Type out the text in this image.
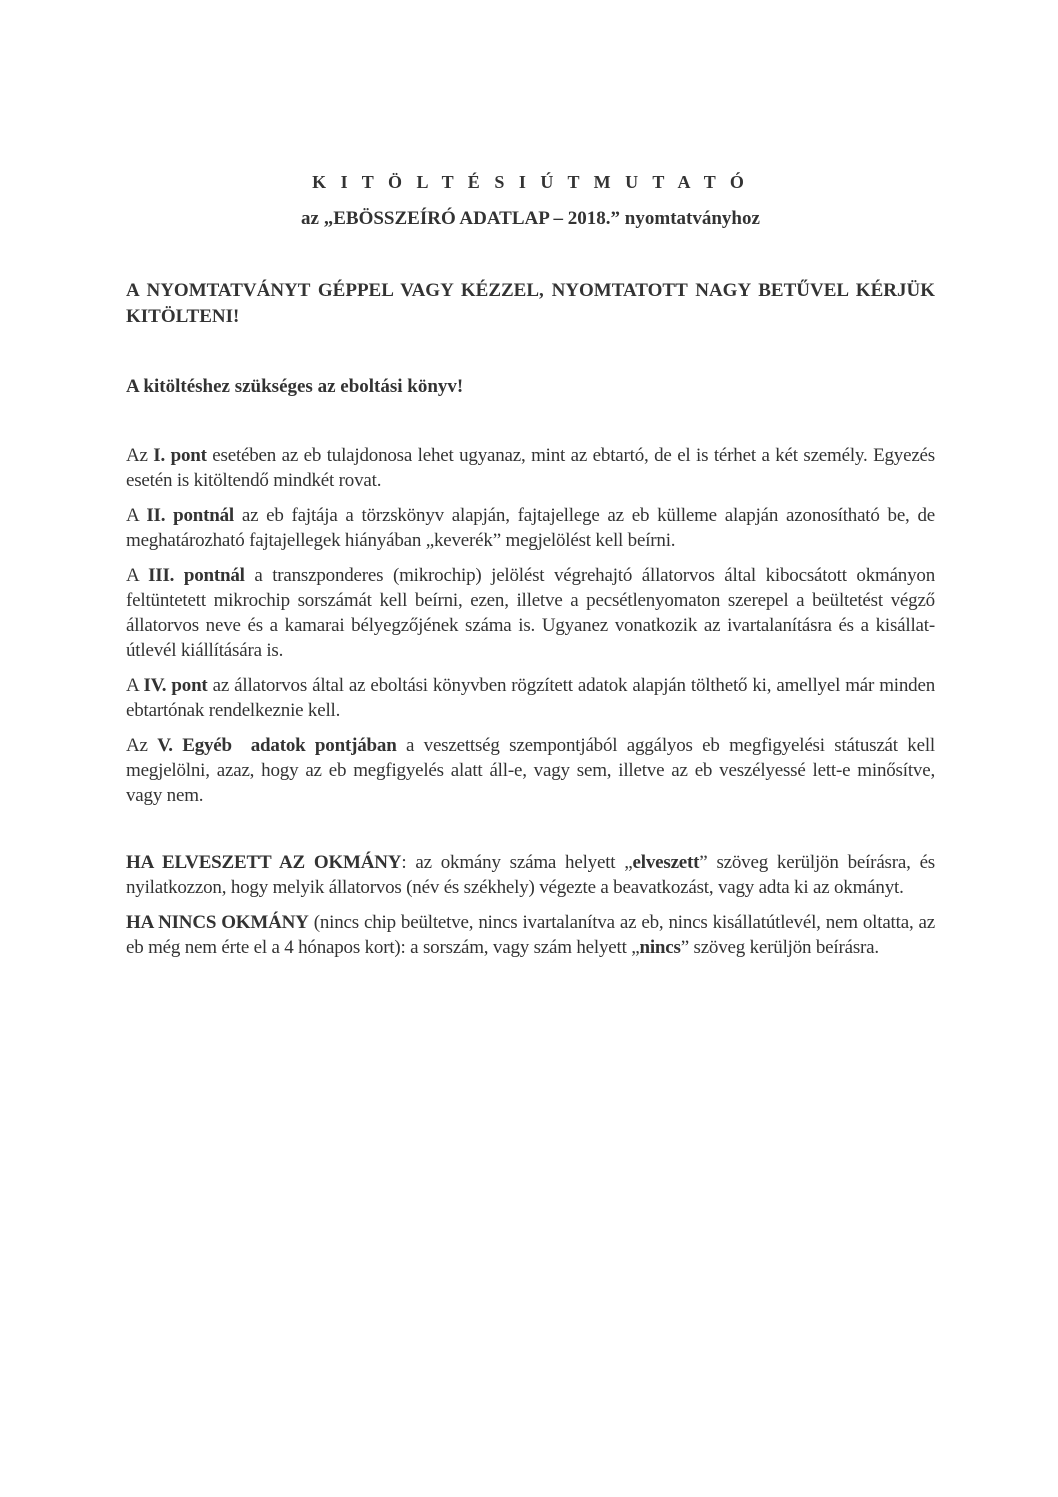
K I T Ö L T É S I Ú T M U T A T Ó
az „EBÖSSZEÍRÓ ADATLAP – 2018.” nyomtatványhoz
A NYOMTATVÁNYT GÉPPEL VAGY KÉZZEL, NYOMTATOTT NAGY BETŰVEL KÉRJÜK KITÖLTENI!
A kitöltéshez szükséges az eboltási könyv!

Az I. pont esetében az eb tulajdonosa lehet ugyanaz, mint az ebtartó, de el is térhet a két személy. Egyezés esetén is kitöltendő mindkét rovat.

A II. pontnál az eb fajtája a törzskönyv alapján, fajtajellege az eb külleme alapján azonosítható be, de meghatározható fajtajellegek hiányában „keverék” megjelölést kell beírni.

A III. pontnál a transzponderes (mikrochip) jelölést végrehajtó állatorvos által kibocsátott okmányon feltüntetett mikrochip sorszámát kell beírni, ezen, illetve a pecsétlenyomaton szerepel a beültetést végző állatorvos neve és a kamarai bélyegzőjének száma is. Ugyanez vonatkozik az ivartalanításra és a kisállat-útlevél kiállítására is.

A IV. pont az állatorvos által az eboltási könyvben rögzített adatok alapján tölthető ki, amellyel már minden ebtartónak rendelkeznie kell.

Az V. Egyéb  adatok pontjában a veszettség szempontjából aggályos eb megfigyelési státuszát kell megjelölni, azaz, hogy az eb megfigyelés alatt áll-e, vagy sem, illetve az eb veszélyessé lett-e minősítve, vagy nem.

HA ELVESZETT AZ OKMÁNY: az okmány száma helyett „elveszett” szöveg kerüljön beírásra, és nyilatkozzon, hogy melyik állatorvos (név és székhely) végezte a beavatkozást, vagy adta ki az okmányt.

HA NINCS OKMÁNY (nincs chip beültetve, nincs ivartalanítva az eb, nincs kisállatútlevél, nem oltatta, az eb még nem érte el a 4 hónapos kort): a sorszám, vagy szám helyett „nincs” szöveg kerüljön beírásra.
